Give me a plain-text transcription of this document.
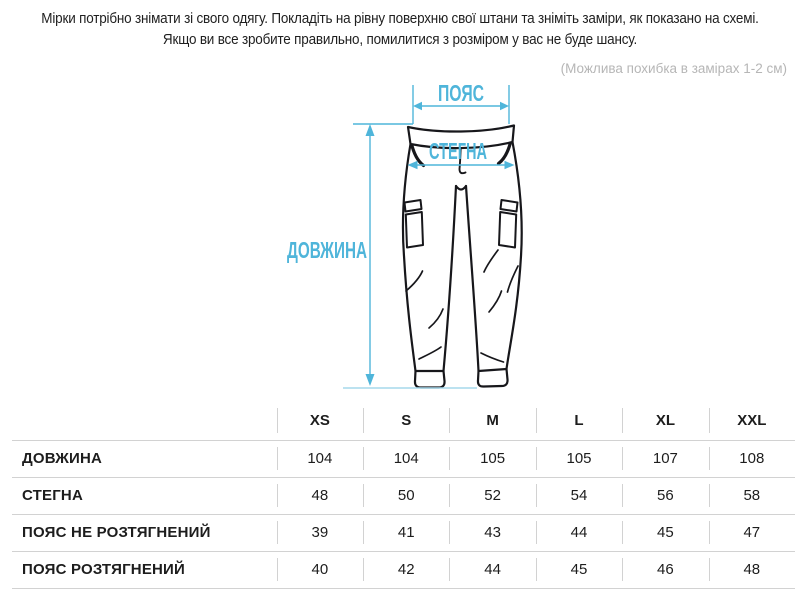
Мірки потрібно знімати зі свого одягу. Покладіть на рівну поверхню свої штани та зніміть заміри, як показано на схемі.
Якщо ви все зробите правильно, помилитися з розміром у вас не буде шансу.
(Можлива похибка в замірах 1-2 см)
ПОЯС
СТЕГНА
ДОВЖИНА
	XS	S	M	L	XL	XXL
ДОВЖИНА	104	104	105	105	107	108
СТЕГНА	48	50	52	54	56	58
ПОЯС НЕ РОЗТЯГНЕНИЙ	39	41	43	44	45	47
ПОЯС РОЗТЯГНЕНИЙ	40	42	44	45	46	48
